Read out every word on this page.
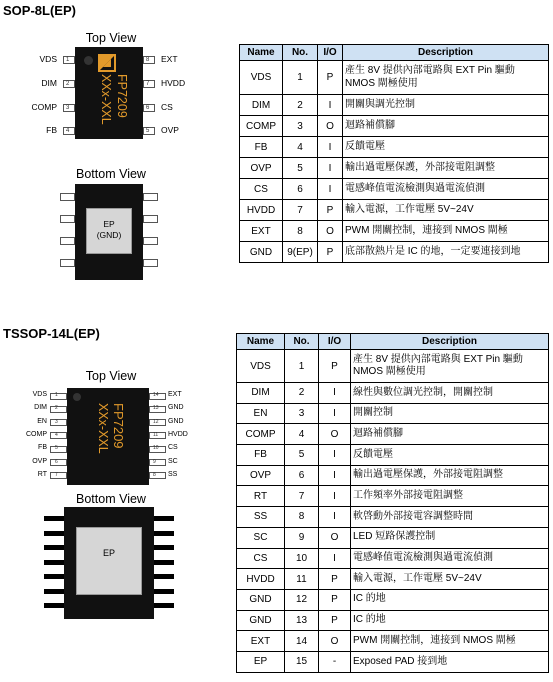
SOP-8L(EP)
Top View
FP7209
XXx-XXL
1
VDS
2
DIM
3
COMP
4
FB
8 EXT
7 HVDD
6 CS
5 OVP
Bottom View
EP
(GND)
Name	No.	I/O	Description
VDS	1	P	產生 8V 提供內部電路與 EXT Pin 驅動 NMOS 閘極使用
DIM	2	I	開關與調光控制
COMP	3	O	迴路補償腳
FB	4	I	反饋電壓
OVP	5	I	輸出過電壓保護，外部接電阻調整
CS	6	I	電感峰值電流檢測與過電流偵測
HVDD	7	P	輸入電源，工作電壓 5V~24V
EXT	8	O	PWM 開關控制，連接到 NMOS 閘極
GND	9(EP)	P	底部散熱片是 IC 的地，一定要連接到地
TSSOP-14L(EP)
Top View
FP7209
XXx-XXL
1
VDS
2
DIM
3
EN
4
COMP
5
FB
6
OVP
7
RT
14 EXT
13 GND
12 GND
11 HVDD
10 CS
9 SC
8 SS
Bottom View
EP
Name	No.	I/O	Description
VDS	1	P	產生 8V 提供內部電路與 EXT Pin 驅動 NMOS 閘極使用
DIM	2	I	線性與數位調光控制，開關控制
EN	3	I	開關控制
COMP	4	O	迴路補償腳
FB	5	I	反饋電壓
OVP	6	I	輸出過電壓保護，外部接電阻調整
RT	7	I	工作頻率外部接電阻調整
SS	8	I	軟啓動外部接電容調整時間
SC	9	O	LED 短路保護控制
CS	10	I	電感峰值電流檢測與過電流偵測
HVDD	11	P	輸入電源，工作電壓 5V~24V
GND	12	P	IC 的地
GND	13	P	IC 的地
EXT	14	O	PWM 開關控制，連接到 NMOS 閘極
EP	15	-	Exposed PAD 接到地
